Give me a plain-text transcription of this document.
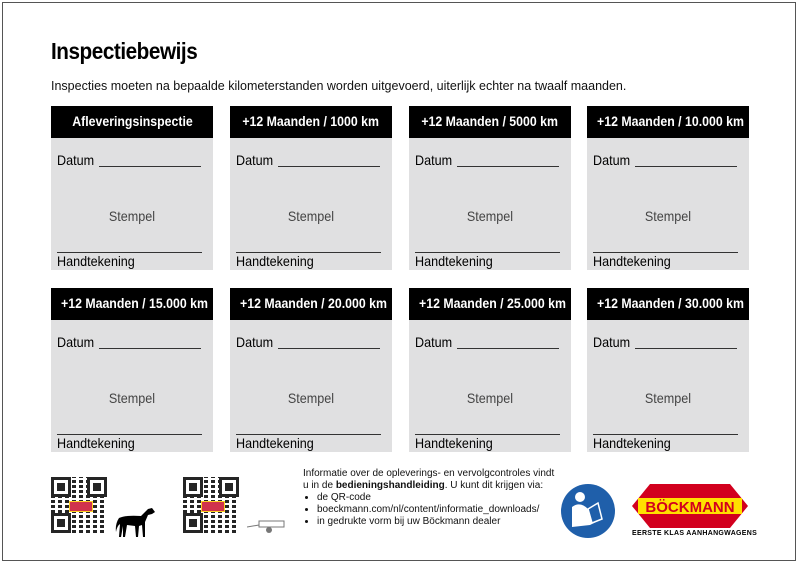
Inspectiebewijs
Inspecties moeten na bepaalde kilometerstanden worden uitgevoerd, uiterlijk echter na twaalf maanden.
Afleveringsinspectie
Datum
Stempel
Handtekening
+12 Maanden / 1000 km
Datum
Stempel
Handtekening
+12 Maanden / 5000 km
Datum
Stempel
Handtekening
+12 Maanden / 10.000 km
Datum
Stempel
Handtekening
+12 Maanden / 15.000 km
Datum
Stempel
Handtekening
+12 Maanden / 20.000 km
Datum
Stempel
Handtekening
+12 Maanden / 25.000 km
Datum
Stempel
Handtekening
+12 Maanden / 30.000 km
Datum
Stempel
Handtekening
Informatie over de opleverings- en vervolgcontroles vindt
u in de bedieningshandleiding. U kunt dit krijgen via:
• de QR-code
• boeckmann.com/nl/content/informatie_downloads/
• in gedrukte vorm bij uw Böckmann dealer
BÖCKMANN
EERSTE KLAS AANHANGWAGENS
